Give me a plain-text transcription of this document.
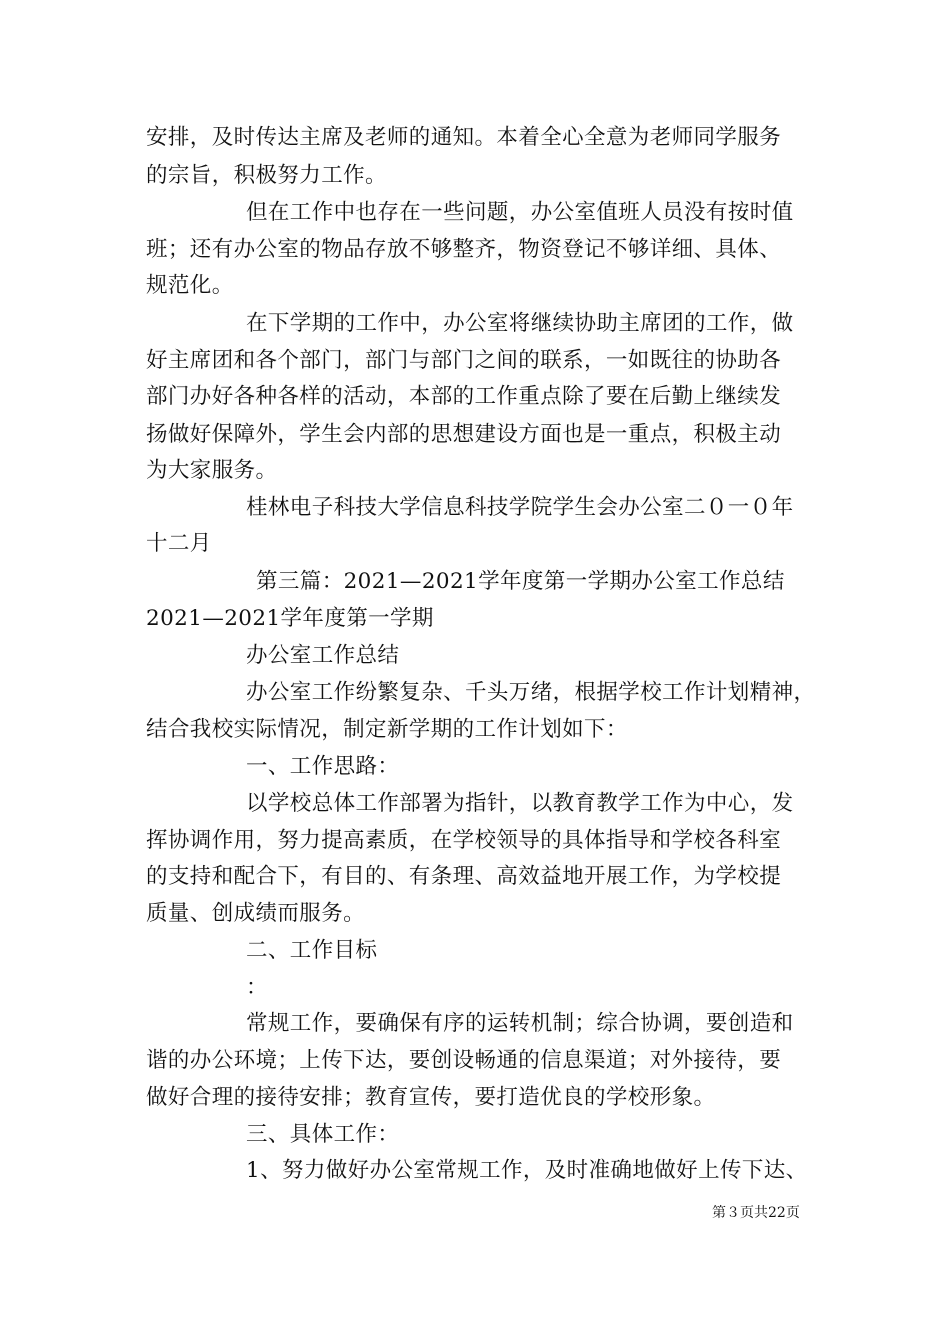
安排，及时传达主席及老师的通知。本着全心全意为老师同学服务
的宗旨，积极努力工作。
但在工作中也存在一些问题，办公室值班人员没有按时值
班；还有办公室的物品存放不够整齐，物资登记不够详细、具体、
规范化。
在下学期的工作中，办公室将继续协助主席团的工作，做
好主席团和各个部门，部门与部门之间的联系，一如既往的协助各
部门办好各种各样的活动，本部的工作重点除了要在后勤上继续发
扬做好保障外，学生会内部的思想建设方面也是一重点，积极主动
为大家服务。
桂林电子科技大学信息科技学院学生会办公室二０一０年
十二月
第三篇：2021—2021学年度第一学期办公室工作总结
2021—2021学年度第一学期
办公室工作总结
办公室工作纷繁复杂、千头万绪，根据学校工作计划精神，
结合我校实际情况，制定新学期的工作计划如下：
一、工作思路：
以学校总体工作部署为指针，以教育教学工作为中心，发
挥协调作用，努力提高素质，在学校领导的具体指导和学校各科室
的支持和配合下，有目的、有条理、高效益地开展工作，为学校提
质量、创成绩而服务。
二、工作目标
：
常规工作，要确保有序的运转机制；综合协调，要创造和
谐的办公环境；上传下达，要创设畅通的信息渠道；对外接待，要
做好合理的接待安排；教育宣传，要打造优良的学校形象。
三、具体工作：
1、努力做好办公室常规工作，及时准确地做好上传下达、
第３页共22页
